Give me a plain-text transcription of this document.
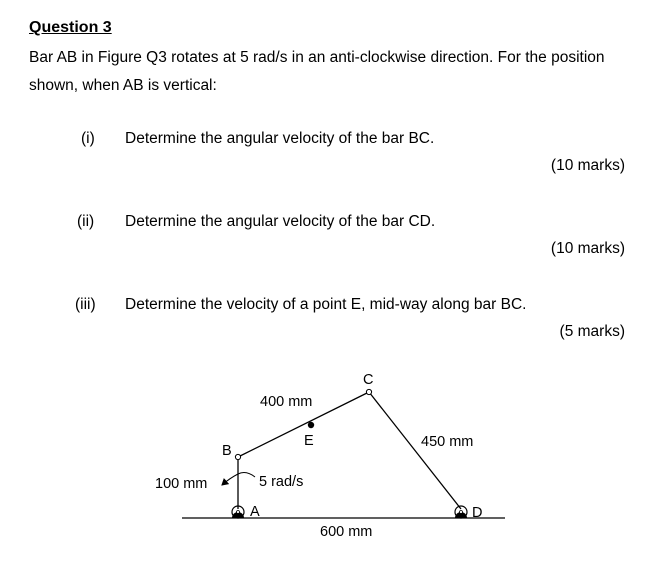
Question 3
Bar AB in Figure Q3 rotates at 5 rad/s in an anti-clockwise direction. For the position shown, when AB is vertical:
(i) Determine the angular velocity of the bar BC.
(10 marks)
(ii) Determine the angular velocity of the bar CD.
(10 marks)
(iii) Determine the velocity of a point E, mid-way along bar BC.
(5 marks)
A
B
C
D
E
100 mm
400 mm
450 mm
600 mm
5 rad/s
